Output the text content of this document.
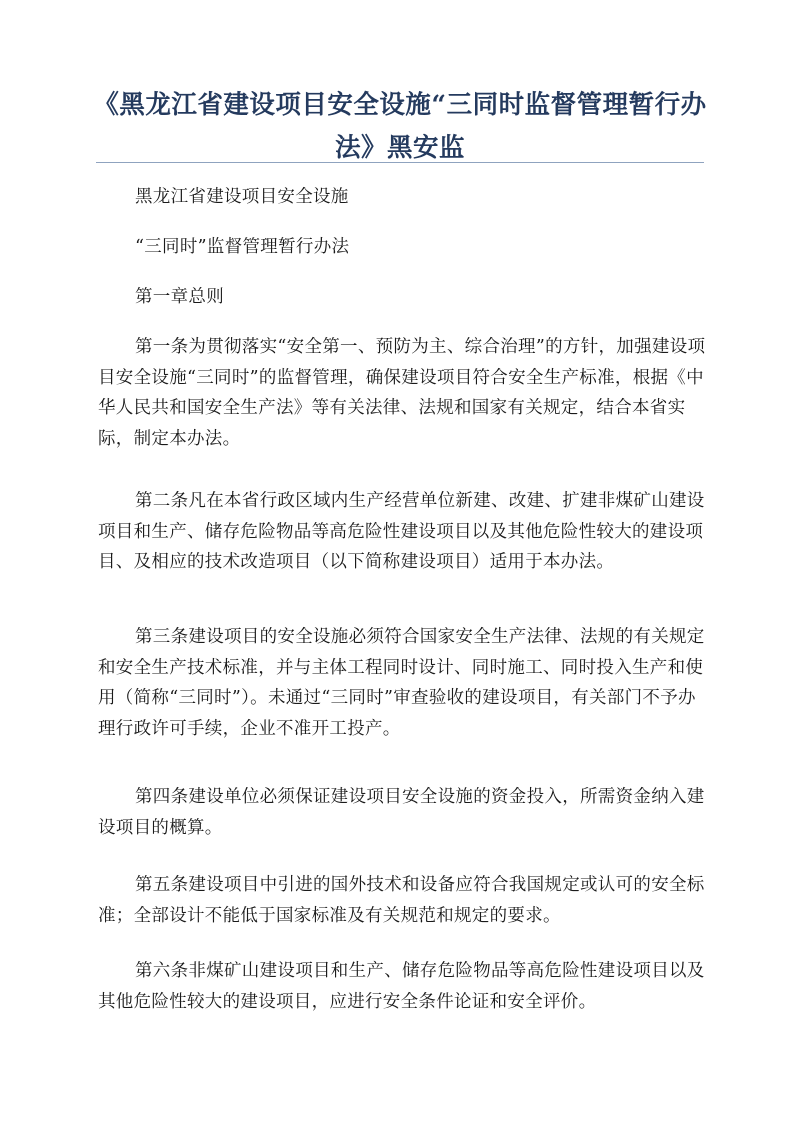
《黑龙江省建设项目安全设施“三同时监督管理暂行办法》黑安监

黑龙江省建设项目安全设施

“三同时”监督管理暂行办法

第一章总则

第一条为贯彻落实“安全第一、预防为主、综合治理”的方针，加强建设项目安全设施“三同时”的监督管理，确保建设项目符合安全生产标准，根据《中华人民共和国安全生产法》等有关法律、法规和国家有关规定，结合本省实际，制定本办法。

第二条凡在本省行政区域内生产经营单位新建、改建、扩建非煤矿山建设项目和生产、储存危险物品等高危险性建设项目以及其他危险性较大的建设项目、及相应的技术改造项目（以下简称建设项目）适用于本办法。

第三条建设项目的安全设施必须符合国家安全生产法律、法规的有关规定和安全生产技术标准，并与主体工程同时设计、同时施工、同时投入生产和使用（简称“三同时”）。未通过“三同时”审查验收的建设项目，有关部门不予办理行政许可手续，企业不准开工投产。

第四条建设单位必须保证建设项目安全设施的资金投入，所需资金纳入建设项目的概算。

第五条建设项目中引进的国外技术和设备应符合我国规定或认可的安全标准；全部设计不能低于国家标准及有关规范和规定的要求。

第六条非煤矿山建设项目和生产、储存危险物品等高危险性建设项目以及其他危险性较大的建设项目，应进行安全条件论证和安全评价。
